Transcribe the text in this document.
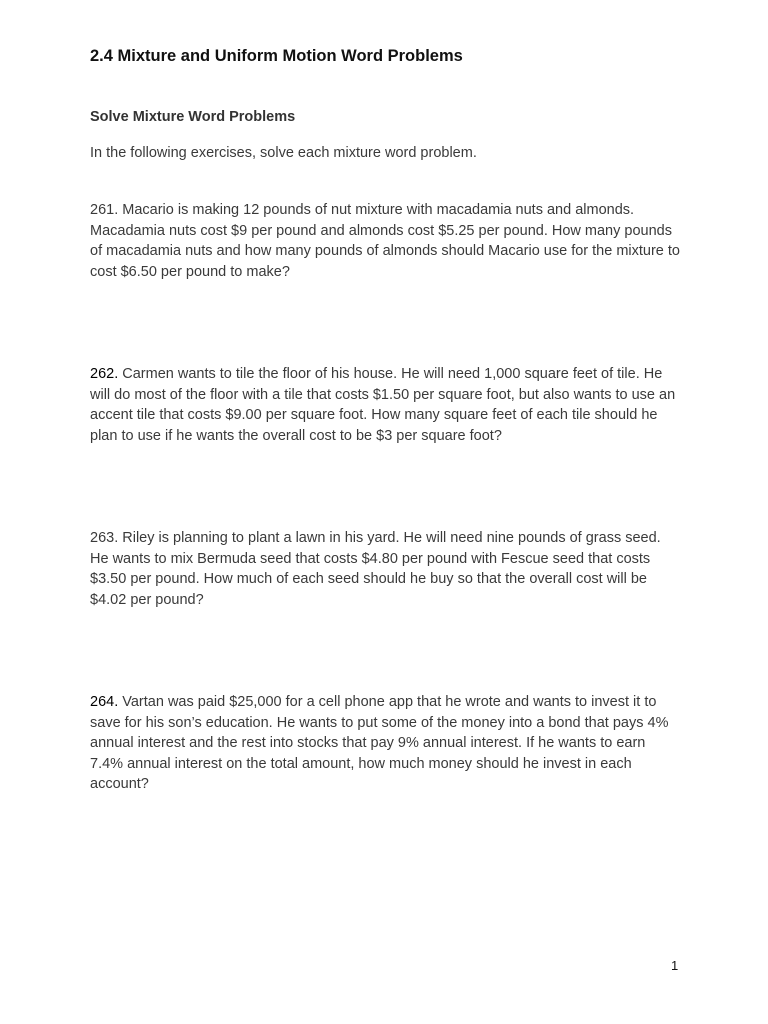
2.4 Mixture and Uniform Motion Word Problems
Solve Mixture Word Problems
In the following exercises, solve each mixture word problem.
261. Macario is making 12 pounds of nut mixture with macadamia nuts and almonds. Macadamia nuts cost $9 per pound and almonds cost $5.25 per pound. How many pounds of macadamia nuts and how many pounds of almonds should Macario use for the mixture to cost $6.50 per pound to make?
262. Carmen wants to tile the floor of his house. He will need 1,000 square feet of tile. He will do most of the floor with a tile that costs $1.50 per square foot, but also wants to use an accent tile that costs $9.00 per square foot. How many square feet of each tile should he plan to use if he wants the overall cost to be $3 per square foot?
263. Riley is planning to plant a lawn in his yard. He will need nine pounds of grass seed. He wants to mix Bermuda seed that costs $4.80 per pound with Fescue seed that costs $3.50 per pound. How much of each seed should he buy so that the overall cost will be $4.02 per pound?
264. Vartan was paid $25,000 for a cell phone app that he wrote and wants to invest it to save for his son’s education. He wants to put some of the money into a bond that pays 4% annual interest and the rest into stocks that pay 9% annual interest. If he wants to earn 7.4% annual interest on the total amount, how much money should he invest in each account?
1
